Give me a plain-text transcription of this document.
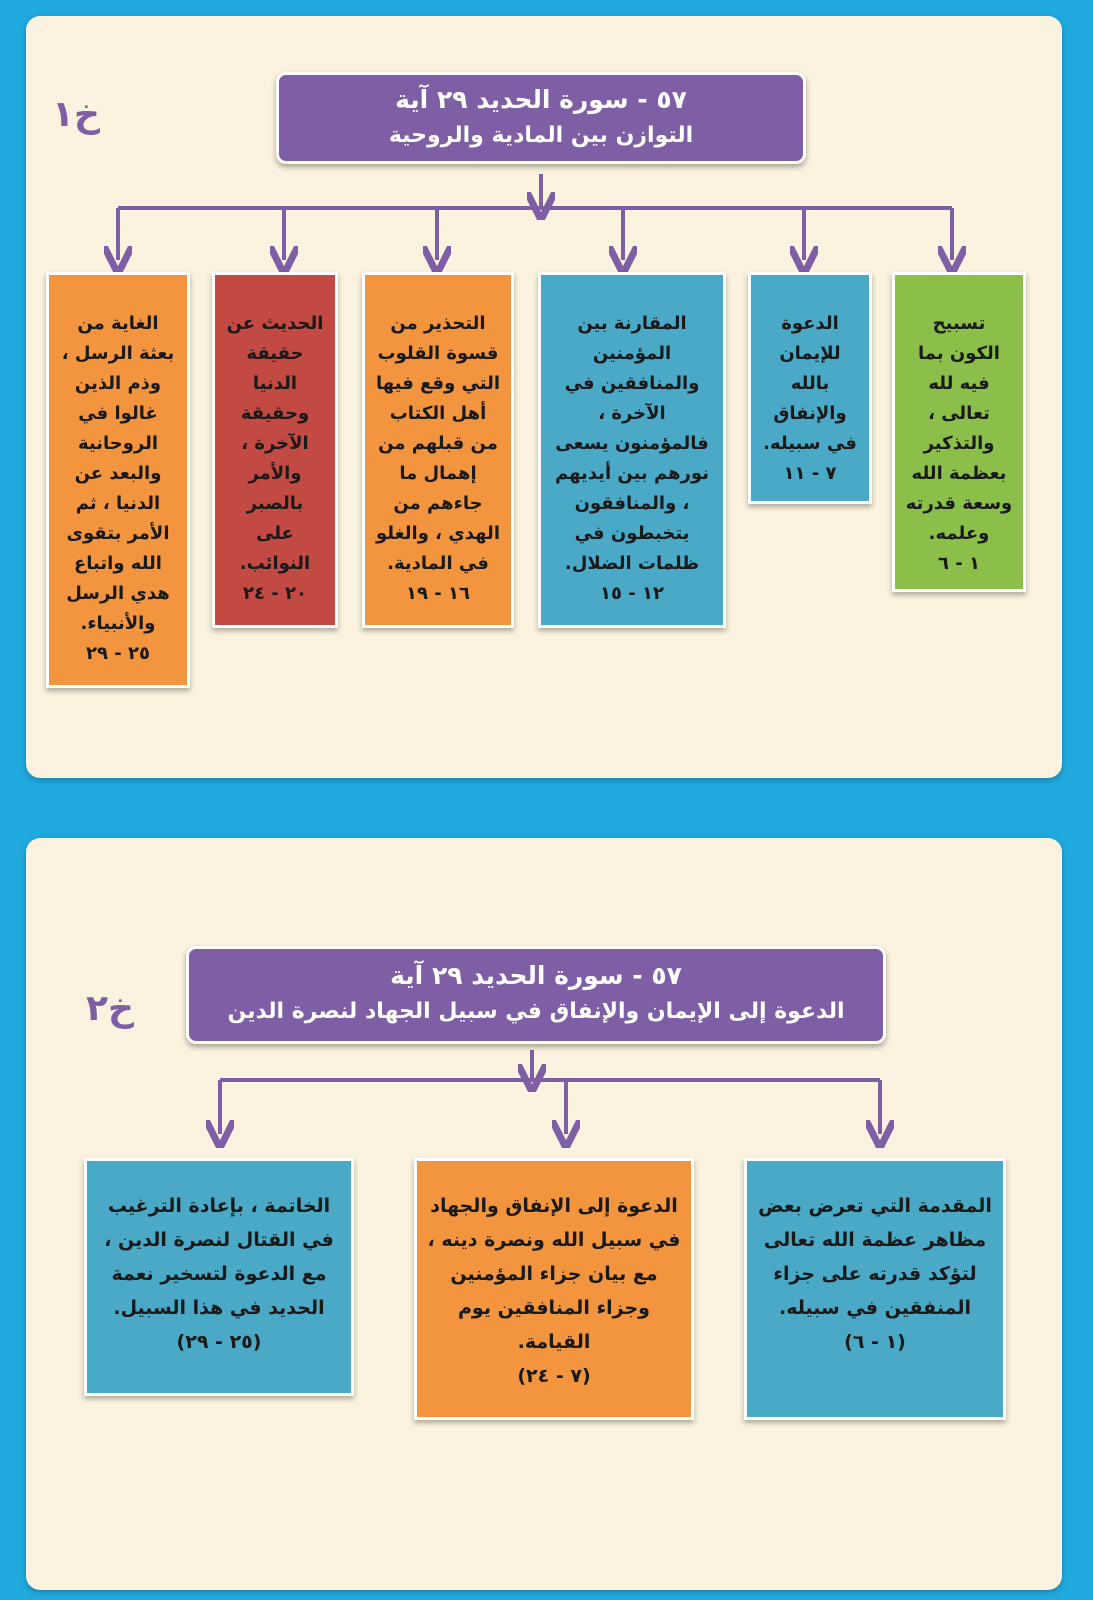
خ١	٥٧ - سورة الحديد ٢٩ آية
التوازن بين المادية والروحية
تسبيح الكون بما فيه لله تعالى ، والتذكير بعظمة الله وسعة قدرته وعلمه.
١ - ٦
الدعوة للإيمان بالله والإنفاق في سبيله.
٧ - ١١
المقارنة بين المؤمنين والمنافقين في الآخرة ، فالمؤمنون يسعى نورهم بين أيديهم ، والمنافقون يتخبطون في ظلمات الضلال.
١٢ - ١٥
التحذير من قسوة القلوب التي وقع فيها أهل الكتاب من قبلهم من إهمال ما جاءهم من الهدي ، والغلو في المادية.
١٦ - ١٩
الحديث عن حقيقة الدنيا وحقيقة الآخرة ، والأمر بالصبر على النوائب.
٢٠ - ٢٤
الغاية من بعثة الرسل ، وذم الذين غالوا في الروحانية والبعد عن الدنيا ، ثم الأمر بتقوى الله واتباع هدي الرسل والأنبياء.
٢٥ - ٢٩
خ٢
٥٧ - سورة الحديد ٢٩ آية
الدعوة إلى الإيمان والإنفاق في سبيل الجهاد لنصرة الدين
المقدمة التي تعرض بعض مظاهر عظمة الله تعالى لتؤكد قدرته على جزاء المنفقين في سبيله.
(١ - ٦)
الدعوة إلى الإنفاق والجهاد في سبيل الله ونصرة دينه ، مع بيان جزاء المؤمنين وجزاء المنافقين يوم القيامة.
(٧ - ٢٤)
الخاتمة ، بإعادة الترغيب في القتال لنصرة الدين ، مع الدعوة لتسخير نعمة الحديد في هذا السبيل.
(٢٥ - ٢٩)
